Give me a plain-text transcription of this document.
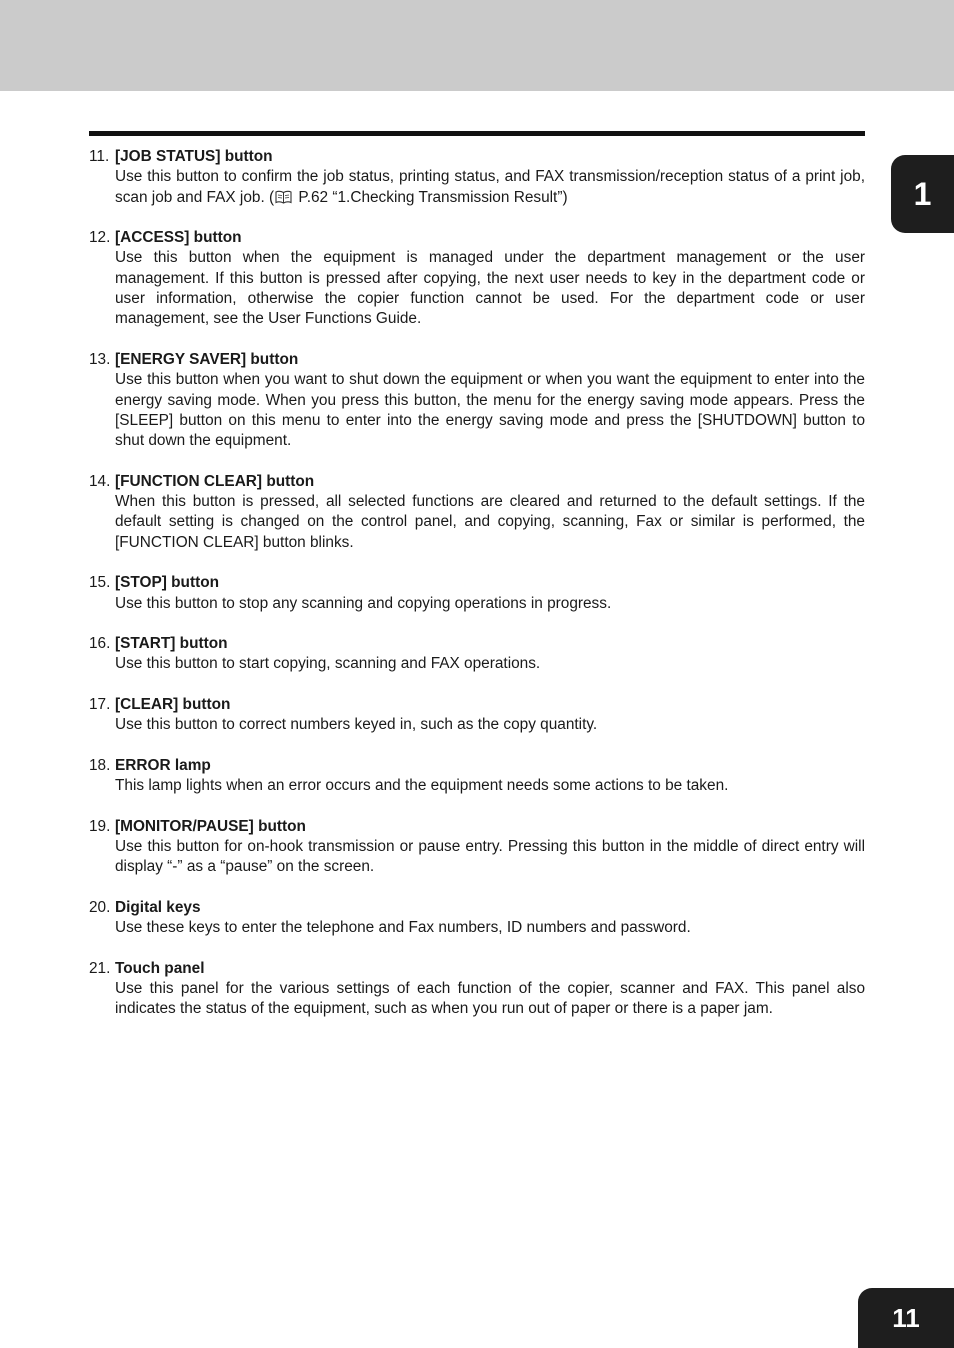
1
11. [JOB STATUS] button
Use this button to confirm the job status, printing status, and FAX transmission/reception status of a print job, scan job and FAX job. ( P.62 “1.Checking Transmission Result”)
12. [ACCESS] button
Use this button when the equipment is managed under the department management or the user management. If this button is pressed after copying, the next user needs to key in the department code or user information, otherwise the copier function cannot be used. For the department code or user management, see the User Functions Guide.
13. [ENERGY SAVER] button
Use this button when you want to shut down the equipment or when you want the equipment to enter into the energy saving mode. When you press this button, the menu for the energy saving mode appears. Press the [SLEEP] button on this menu to enter into the energy saving mode and press the [SHUTDOWN] button to shut down the equipment.
14. [FUNCTION CLEAR] button
When this button is pressed, all selected functions are cleared and returned to the default settings. If the default setting is changed on the control panel, and copying, scanning, Fax or similar is performed, the [FUNCTION CLEAR] button blinks.
15. [STOP] button
Use this button to stop any scanning and copying operations in progress.
16. [START] button
Use this button to start copying, scanning and FAX operations.
17. [CLEAR] button
Use this button to correct numbers keyed in, such as the copy quantity.
18. ERROR lamp
This lamp lights when an error occurs and the equipment needs some actions to be taken.
19. [MONITOR/PAUSE] button
Use this button for on-hook transmission or pause entry. Pressing this button in the middle of direct entry will display “-” as a “pause” on the screen.
20. Digital keys
Use these keys to enter the telephone and Fax numbers, ID numbers and password.
21. Touch panel
Use this panel for the various settings of each function of the copier, scanner and FAX. This panel also indicates the status of the equipment, such as when you run out of paper or there is a paper jam.
11
